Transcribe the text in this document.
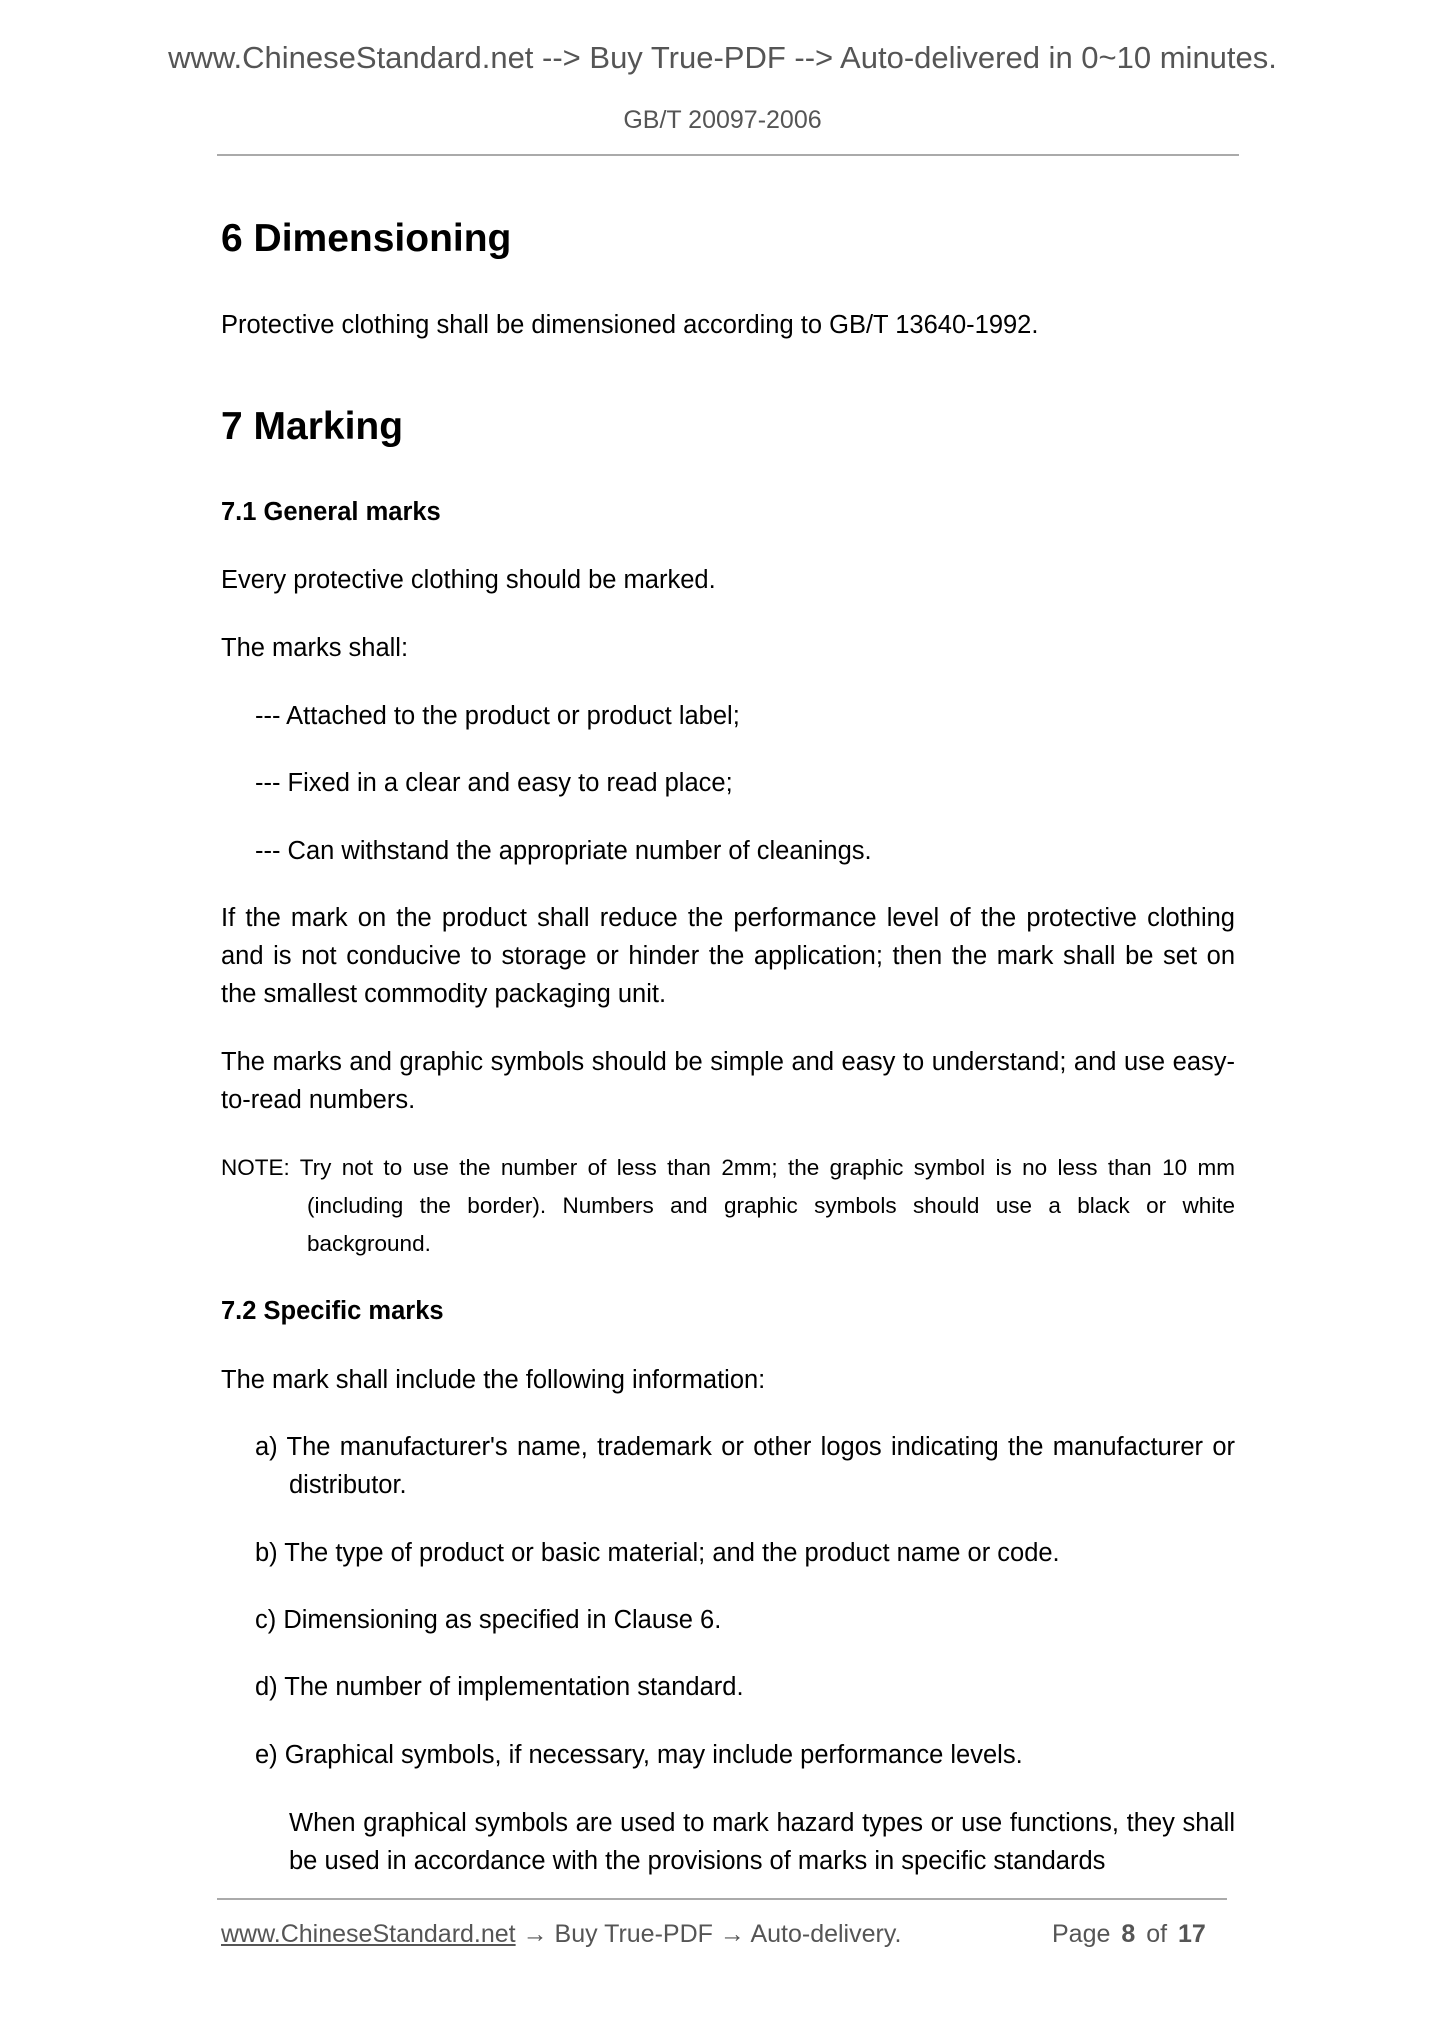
www.ChineseStandard.net --> Buy True-PDF --> Auto-delivered in 0~10 minutes.
GB/T 20097-2006
6 Dimensioning
Protective clothing shall be dimensioned according to GB/T 13640-1992.
7 Marking
7.1 General marks
Every protective clothing should be marked.
The marks shall:
--- Attached to the product or product label;
--- Fixed in a clear and easy to read place;
--- Can withstand the appropriate number of cleanings.
If the mark on the product shall reduce the performance level of the protective clothing and is not conducive to storage or hinder the application; then the mark shall be set on the smallest commodity packaging unit.
The marks and graphic symbols should be simple and easy to understand; and use easy-to-read numbers.
NOTE: Try not to use the number of less than 2mm; the graphic symbol is no less than 10 mm (including the border). Numbers and graphic symbols should use a black or white background.
7.2 Specific marks
The mark shall include the following information:
a) The manufacturer's name, trademark or other logos indicating the manufacturer or distributor.
b) The type of product or basic material; and the product name or code.
c) Dimensioning as specified in Clause 6.
d) The number of implementation standard.
e) Graphical symbols, if necessary, may include performance levels.
When graphical symbols are used to mark hazard types or use functions, they shall be used in accordance with the provisions of marks in specific standards
www.ChineseStandard.net → Buy True-PDF → Auto-delivery.	Page 8 of 17
